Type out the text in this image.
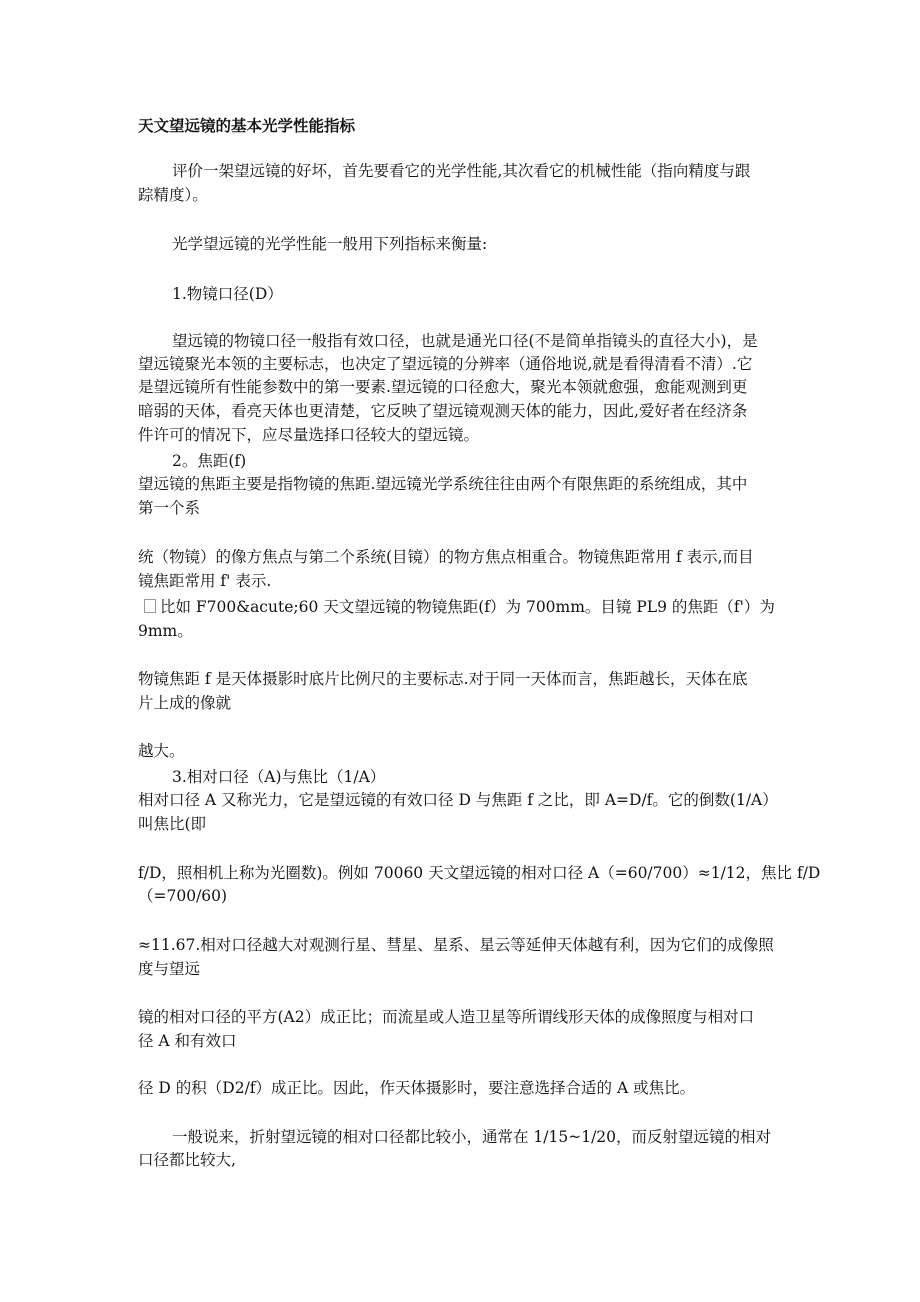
天文望远镜的基本光学性能指标

评价一架望远镜的好坏，首先要看它的光学性能,其次看它的机械性能（指向精度与跟

踪精度）。

光学望远镜的光学性能一般用下列指标来衡量:

1.物镜口径(D）

望远镜的物镜口径一般指有效口径，也就是通光口径(不是简单指镜头的直径大小)，是

望远镜聚光本领的主要标志，也决定了望远镜的分辨率（通俗地说,就是看得清看不清）.它

是望远镜所有性能参数中的第一要素.望远镜的口径愈大，聚光本领就愈强，愈能观测到更

暗弱的天体，看亮天体也更清楚，它反映了望远镜观测天体的能力，因此,爱好者在经济条

件许可的情况下，应尽量选择口径较大的望远镜。

2。焦距(f)

望远镜的焦距主要是指物镜的焦距.望远镜光学系统往往由两个有限焦距的系统组成，其中

第一个系

统（物镜）的像方焦点与第二个系统(目镜）的物方焦点相重合。物镜焦距常用 f 表示,而目

镜焦距常用 f' 表示.

比如 F700&acute;60 天文望远镜的物镜焦距(f）为 700mm。目镜 PL9 的焦距（f'）为

9mm。

物镜焦距 f 是天体摄影时底片比例尺的主要标志.对于同一天体而言，焦距越长，天体在底

片上成的像就

越大。

3.相对口径（A)与焦比（1/A）

相对口径 A 又称光力，它是望远镜的有效口径 D 与焦距 f 之比，即 A=D/f。它的倒数(1/A）

叫焦比(即

f/D，照相机上称为光圈数)。例如 70060 天文望远镜的相对口径 A（=60/700）≈1/12，焦比 f/D

（=700/60)

≈11.67.相对口径越大对观测行星、彗星、星系、星云等延伸天体越有利，因为它们的成像照

度与望远

镜的相对口径的平方(A2）成正比；而流星或人造卫星等所谓线形天体的成像照度与相对口

径 A 和有效口

径 D 的积（D2/f）成正比。因此，作天体摄影时，要注意选择合适的 A 或焦比。

一般说来，折射望远镜的相对口径都比较小，通常在 1/15~1/20，而反射望远镜的相对

口径都比较大,
